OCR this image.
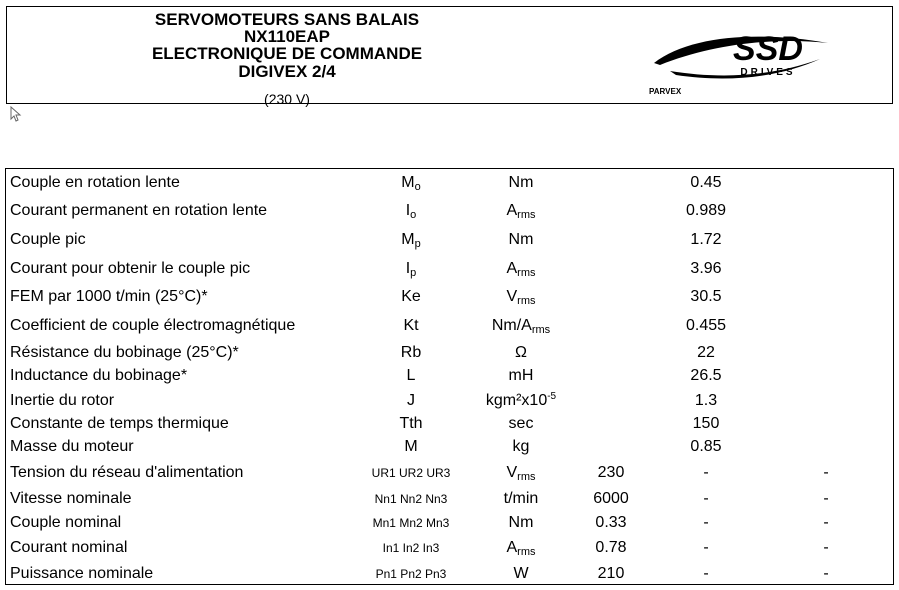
SERVOMOTEURS SANS BALAIS
NX110EAP
ELECTRONIQUE DE COMMANDE
DIGIVEX 2/4
(230 V)
SSD
DRIVES
PARVEX
Couple en rotation lente	$M_o$	Nm	0.45
Courant permanent en rotation lente	$I_o$	$A_{rms}$	0.989
Couple pic	$M_p$	Nm	1.72
Courant pour obtenir le couple pic	$I_p$	$A_{rms}$	3.96
FEM par 1000 t/min (25°C)*	Ke	$V_{rms}$	30.5
Coefficient de couple électromagnétique	Kt	$Nm/A_{rms}$	0.455
Résistance du bobinage (25°C)*	Rb	Ω	22
Inductance du bobinage*	L	mH	26.5
Inertie du rotor	J	$kgm^2x10^{-5}$	1.3
Constante de temps thermique	Tth	sec	150
Masse du moteur	M	kg	0.85
Tension du réseau d'alimentation	UR1 UR2 UR3	$V_{rms}$	230	-	-
Vitesse nominale	Nn1 Nn2 Nn3	t/min	6000	-	-
Couple nominal	Mn1 Mn2 Mn3	Nm	0.33	-	-
Courant nominal	In1 In2 In3	$A_{rms}$	0.78	-	-
Puissance nominale	Pn1 Pn2 Pn3	W	210	-	-
